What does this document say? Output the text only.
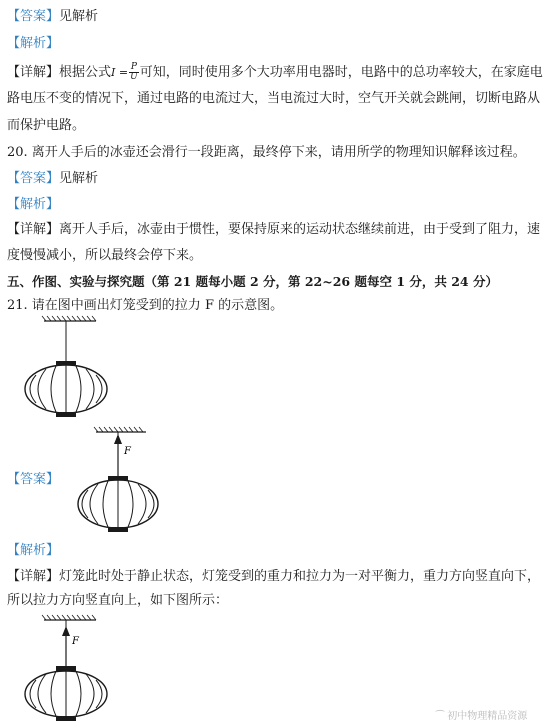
【答案】见解析
【解析】
【详解】根据公式$I = \frac{P}{U}$ 可知，同时使用多个大功率用电器时，电路中的总功率较大，在家庭电
路电压不变的情况下，通过电路的电流过大，当电流过大时，空气开关就会跳闸，切断电路从
而保护电路。
20. 离开人手后的冰壶还会滑行一段距离，最终停下来，请用所学的物理知识解释该过程。
【答案】见解析
【解析】
【详解】离开人手后，冰壶由于惯性，要保持原来的运动状态继续前进，由于受到了阻力，速
度慢慢减小，所以最终会停下来。
五、作图、实验与探究题（第 21 题每小题 2 分，第 22~26 题每空 1 分，共 24 分）
21. 请在图中画出灯笼受到的拉力 F 的示意图。
F
【答案】
【解析】
【详解】灯笼此时处于静止状态，灯笼受到的重力和拉力为一对平衡力，重力方向竖直向下，
所以拉力方向竖直向上，如下图所示：
F
⁀ 初中物理精品资源
